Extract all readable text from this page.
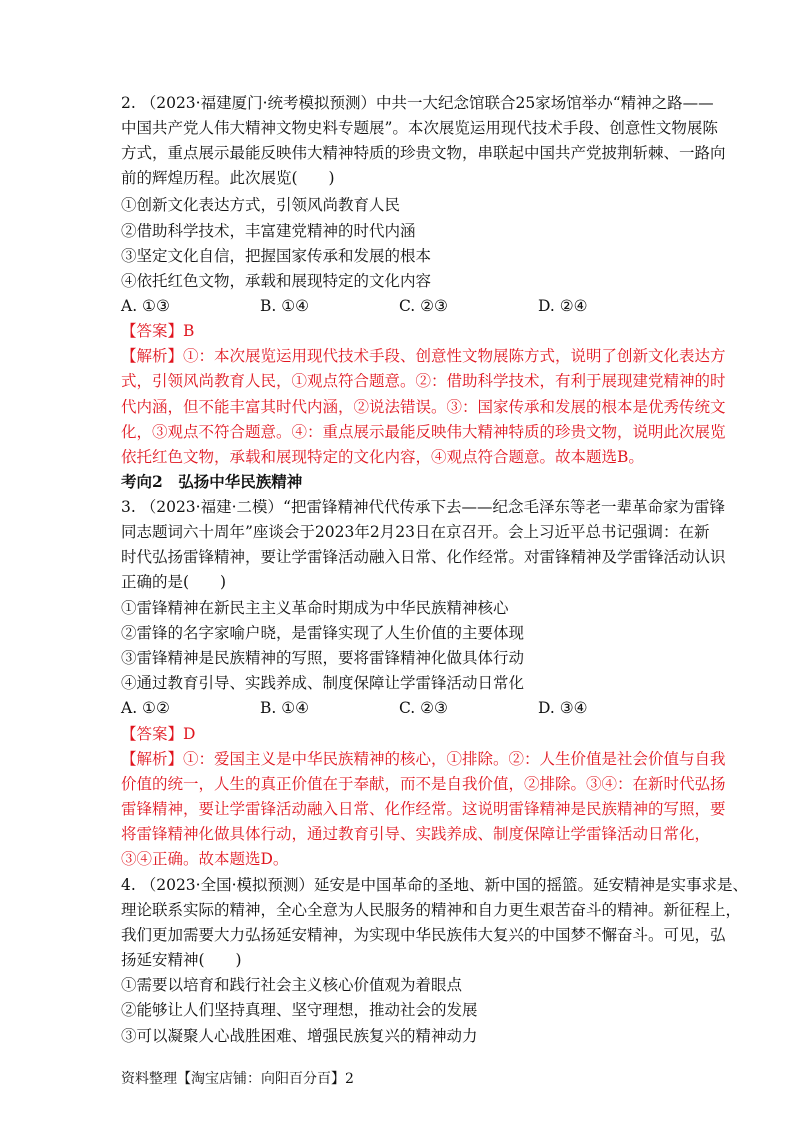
2. （2023·福建厦门·统考模拟预测）中共一大纪念馆联合25家场馆举办“精神之路——
中国共产党人伟大精神文物史料专题展”。本次展览运用现代技术手段、创意性文物展陈
方式，重点展示最能反映伟大精神特质的珍贵文物，串联起中国共产党披荆斩棘、一路向
前的辉煌历程。此次展览(　　)
①创新文化表达方式，引领风尚教育人民
②借助科学技术，丰富建党精神的时代内涵
③坚定文化自信，把握国家传承和发展的根本
④依托红色文物，承载和展现特定的文化内容
A. ①③	B. ①④	C. ②③	D. ②④
【答案】B
【解析】①：本次展览运用现代技术手段、创意性文物展陈方式，说明了创新文化表达方
式，引领风尚教育人民，①观点符合题意。②：借助科学技术，有利于展现建党精神的时
代内涵，但不能丰富其时代内涵，②说法错误。③：国家传承和发展的根本是优秀传统文
化，③观点不符合题意。④：重点展示最能反映伟大精神特质的珍贵文物，说明此次展览
依托红色文物，承载和展现特定的文化内容，④观点符合题意。故本题选B。
考向2　弘扬中华民族精神
3. （2023·福建·二模）“把雷锋精神代代传承下去——纪念毛泽东等老一辈革命家为雷锋
同志题词六十周年”座谈会于2023年2月23日在京召开。会上习近平总书记强调：在新
时代弘扬雷锋精神，要让学雷锋活动融入日常、化作经常。对雷锋精神及学雷锋活动认识
正确的是(　　)
①雷锋精神在新民主主义革命时期成为中华民族精神核心
②雷锋的名字家喻户晓，是雷锋实现了人生价值的主要体现
③雷锋精神是民族精神的写照，要将雷锋精神化做具体行动
④通过教育引导、实践养成、制度保障让学雷锋活动日常化
A. ①②	B. ①④	C. ②③	D. ③④
【答案】D
【解析】①：爱国主义是中华民族精神的核心，①排除。②：人生价值是社会价值与自我
价值的统一，人生的真正价值在于奉献，而不是自我价值，②排除。③④：在新时代弘扬
雷锋精神，要让学雷锋活动融入日常、化作经常。这说明雷锋精神是民族精神的写照，要
将雷锋精神化做具体行动，通过教育引导、实践养成、制度保障让学雷锋活动日常化，
③④正确。故本题选D。
4. （2023·全国·模拟预测）延安是中国革命的圣地、新中国的摇篮。延安精神是实事求是、
理论联系实际的精神，全心全意为人民服务的精神和自力更生艰苦奋斗的精神。新征程上，
我们更加需要大力弘扬延安精神，为实现中华民族伟大复兴的中国梦不懈奋斗。可见，弘
扬延安精神(　　)
①需要以培育和践行社会主义核心价值观为着眼点
②能够让人们坚持真理、坚守理想，推动社会的发展
③可以凝聚人心战胜困难、增强民族复兴的精神动力
资料整理【淘宝店铺：向阳百分百】2
